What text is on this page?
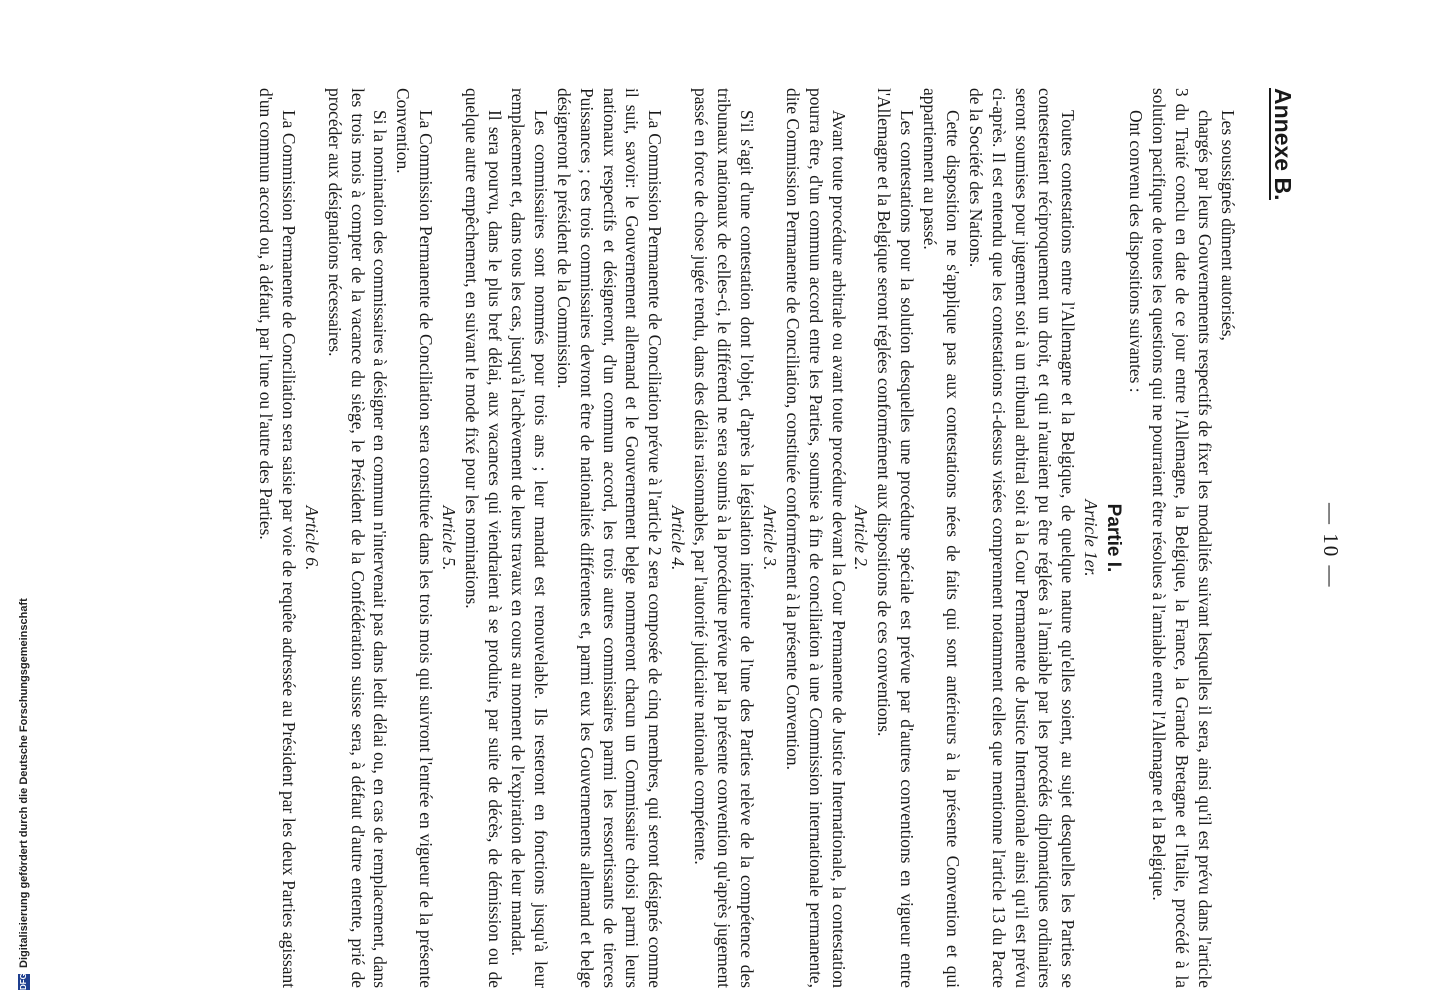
— 10 —
Annexe B.

Les soussignés dûment autorisés,

chargés par leurs Gouvernements respectifs de fixer les modalités suivant lesquelles il sera, ainsi qu'il est prévu dans l'article 3 du Traité conclu en date de ce jour entre l'Allemagne, la Belgique, la France, la Grande Bretagne et l'Italie, procédé à la solution pacifique de toutes les questions qui ne pourraient être résolues à l'amiable entre l'Allemagne et la Belgique.

Ont convenu des dispositions suivantes :

Partie I.

Article 1er.

Toutes contestations entre l'Allemagne et la Belgique, de quelque nature qu'elles soient, au sujet desquelles les Parties se contesteraient réciproquement un droit, et qui n'auraient pu être réglées à l'amiable par les procédés diplomatiques ordinaires seront soumises pour jugement soit à un tribunal arbitral soit à la Cour Permanente de Justice Internationale ainsi qu'il est prévu ci-après. Il est entendu que les contestations ci-dessus visées comprennent notamment celles que mentionne l'article 13 du Pacte de la Société des Nations.

Cette disposition ne s'applique pas aux contestations nées de faits qui sont antérieurs à la présente Convention et qui appartiennent au passé.

Les contestations pour la solution desquelles une procédure spéciale est prévue par d'autres conventions en vigueur entre l'Allemagne et la Belgique seront réglées conformément aux dispositions de ces conventions.

Article 2.

Avant toute procédure arbitrale ou avant toute procédure devant la Cour Permanente de Justice Internationale, la contestation pourra être, d'un commun accord entre les Parties, soumise à fin de conciliation à une Commission internationale permanente, dite Commission Permanente de Conciliation, constituée conformément à la présente Convention.

Article 3.

S'il s'agit d'une contestation dont l'objet, d'après la législation intérieure de l'une des Parties relève de la compétence des tribunaux nationaux de celles-ci, le différend ne sera soumis à la procédure prévue par la présente convention qu'après jugement passé en force de chose jugée rendu, dans des délais raisonnables, par l'autorité judiciaire nationale compétente.

Article 4.

La Commission Permanente de Conciliation prévue à l'article 2 sera composée de cinq membres, qui seront désignés comme il suit, savoir: le Gouvernement allemand et le Gouvernement belge nommeront chacun un Commissaire choisi parmi leurs nationaux respectifs et désigneront, d'un commun accord, les trois autres commissaires parmi les ressortissants de tierces Puissances ; ces trois commissaires devront être de nationalités différentes et, parmi eux les Gouvernements allemand et belge désigneront le président de la Commission.

Les commissaires sont nommés pour trois ans ; leur mandat est renouvelable. Ils resteront en fonctions jusqu'à leur remplacement et, dans tous les cas, jusqu'à l'achèvement de leurs travaux en cours au moment de l'expiration de leur mandat.

Il sera pourvu, dans le plus bref délai, aux vacances qui viendraient à se produire, par suite de décès, de démission ou de quelque autre empêchement, en suivant le mode fixé pour les nominations.

Article 5.

La Commission Permanente de Conciliation sera constituée dans les trois mois qui suivront l'entrée en vigueur de la présente Convention.

Si la nomination des commissaires à désigner en commun n'intervenait pas dans ledit délai ou, en cas de remplacement, dans les trois mois à compter de la vacance du siège, le Président de la Confédération suisse sera, à défaut d'autre entente, prié de procéder aux désignations nécessaires.

Article 6.

La Commission Permanente de Conciliation sera saisie par voie de requête adressée au Président par les deux Parties agissant d'un commun accord ou, à défaut, par l'une ou l'autre des Parties.

DFG
Digitalisierung gefördert durch die Deutsche Forschungsgemeinschaft
